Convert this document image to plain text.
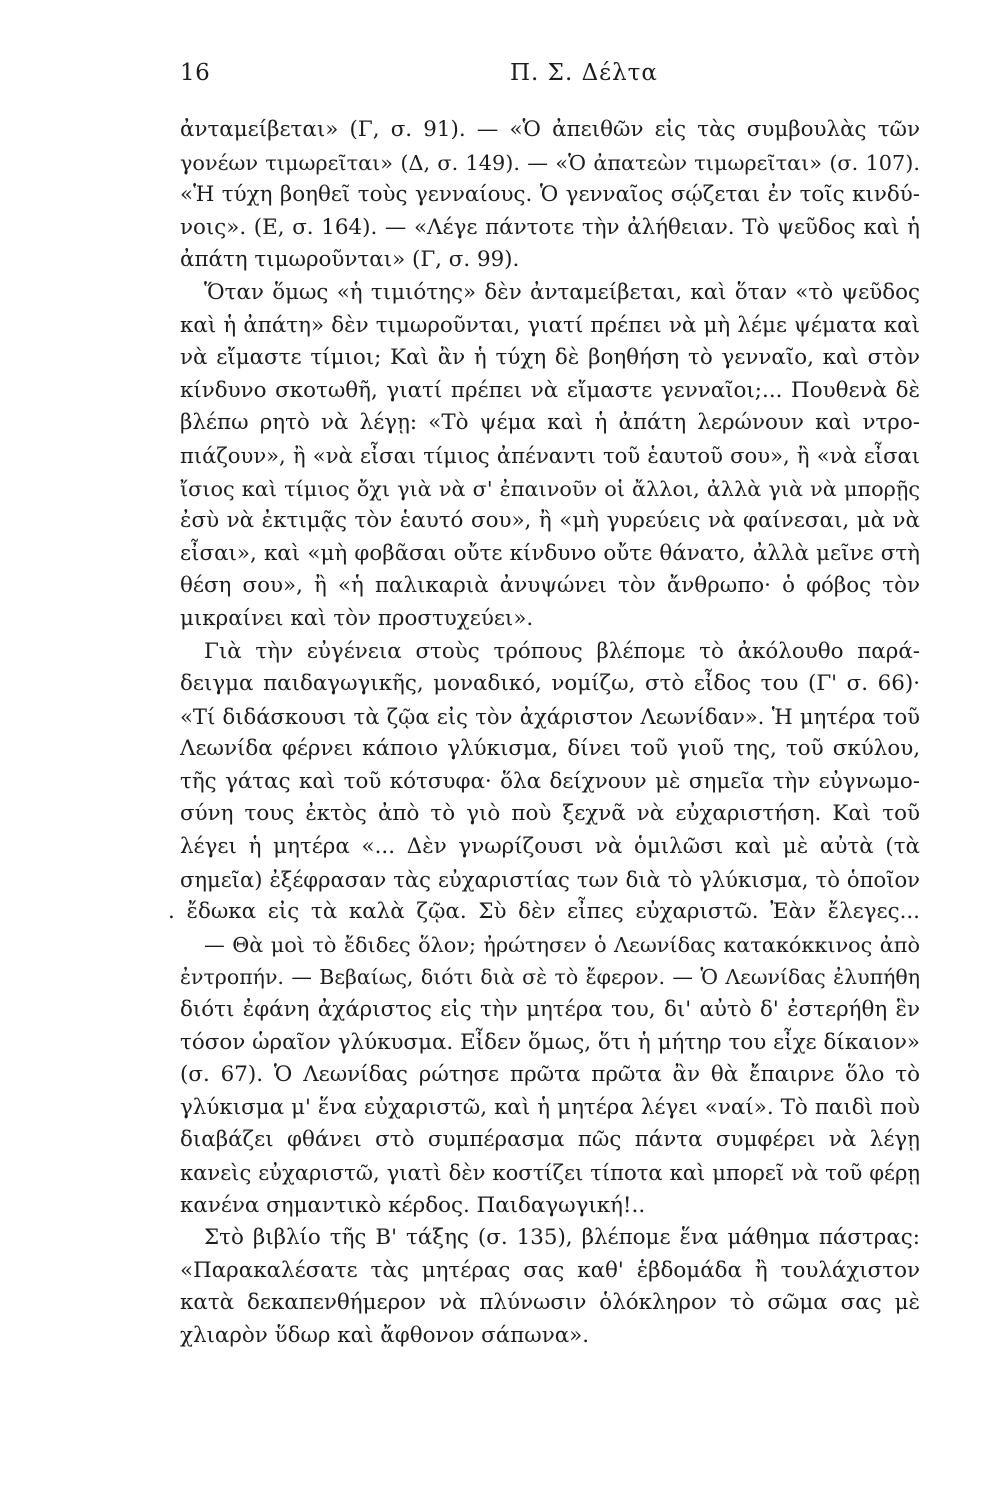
16	Π. Σ. Δέλτα
ἀνταμείβεται» (Γ, σ. 91). — «Ὁ ἀπειθῶν εἰς τὰς συμβουλὰς τῶν
γονέων τιμωρεῖται» (Δ, σ. 149). — «Ὁ ἀπατεὼν τιμωρεῖται» (σ. 107).
«Ἡ τύχη βοηθεῖ τοὺς γενναίους. Ὁ γενναῖος σῴζεται ἐν τοῖς κινδύ-
νοις». (Ε, σ. 164). — «Λέγε πάντοτε τὴν ἀλήθειαν. Τὸ ψεῦδος καὶ ἡ
ἀπάτη τιμωροῦνται» (Γ, σ. 99).
Ὅταν ὅμως «ἡ τιμιότης» δὲν ἀνταμείβεται, καὶ ὅταν «τὸ ψεῦδος
καὶ ἡ ἀπάτη» δὲν τιμωροῦνται, γιατί πρέπει νὰ μὴ λέμε ψέματα καὶ
νὰ εἴμαστε τίμιοι; Καὶ ἂν ἡ τύχη δὲ βοηθήση τὸ γενναῖο, καὶ στὸν
κίνδυνο σκοτωθῆ, γιατί πρέπει νὰ εἴμαστε γενναῖοι;... Πουθενὰ δὲ
βλέπω ρητὸ νὰ λέγῃ: «Τὸ ψέμα καὶ ἡ ἀπάτη λερώνουν καὶ ντρο-
πιάζουν», ἢ «νὰ εἶσαι τίμιος ἀπέναντι τοῦ ἑαυτοῦ σου», ἢ «νὰ εἶσαι
ἴσιος καὶ τίμιος ὄχι γιὰ νὰ σ' ἐπαινοῦν οἱ ἄλλοι, ἀλλὰ γιὰ νὰ μπορῇς
ἐσὺ νὰ ἐκτιμᾷς τὸν ἑαυτό σου», ἢ «μὴ γυρεύεις νὰ φαίνεσαι, μὰ νὰ
εἶσαι», καὶ «μὴ φοβᾶσαι οὔτε κίνδυνο οὔτε θάνατο, ἀλλὰ μεῖνε στὴ
θέση σου», ἢ «ἡ παλικαριὰ ἀνυψώνει τὸν ἄνθρωπο· ὁ φόβος τὸν
μικραίνει καὶ τὸν προστυχεύει».
Γιὰ τὴν εὐγένεια στοὺς τρόπους βλέπομε τὸ ἀκόλουθο παρά-
δειγμα παιδαγωγικῆς, μοναδικό, νομίζω, στὸ εἶδος του (Γ' σ. 66)·
«Τί διδάσκουσι τὰ ζῷα εἰς τὸν ἀχάριστον Λεωνίδαν». Ἡ μητέρα τοῦ
Λεωνίδα φέρνει κάποιο γλύκισμα, δίνει τοῦ γιοῦ της, τοῦ σκύλου,
τῆς γάτας καὶ τοῦ κότσυφα· ὅλα δείχνουν μὲ σημεῖα τὴν εὐγνωμο-
σύνη τους ἐκτὸς ἀπὸ τὸ γιὸ ποὺ ξεχνᾶ νὰ εὐχαριστήση. Καὶ τοῦ
λέγει ἡ μητέρα «... Δὲν γνωρίζουσι νὰ ὁμιλῶσι καὶ μὲ αὐτὰ (τὰ
σημεῖα) ἐξέφρασαν τὰς εὐχαριστίας των διὰ τὸ γλύκισμα, τὸ ὁποῖον
. ἔδωκα εἰς τὰ καλὰ ζῷα. Σὺ δὲν εἶπες εὐχαριστῶ. Ἐὰν ἔλεγες...
— Θὰ μοὶ τὸ ἔδιδες ὅλον; ἠρώτησεν ὁ Λεωνίδας κατακόκκινος ἀπὸ
ἐντροπήν. — Βεβαίως, διότι διὰ σὲ τὸ ἔφερον. — Ὁ Λεωνίδας ἐλυπήθη
διότι ἐφάνη ἀχάριστος εἰς τὴν μητέρα του, δι' αὐτὸ δ' ἐστερήθη ἓν
τόσον ὡραῖον γλύκυσμα. Εἶδεν ὅμως, ὅτι ἡ μήτηρ του εἶχε δίκαιον»
(σ. 67). Ὁ Λεωνίδας ρώτησε πρῶτα πρῶτα ἂν θὰ ἔπαιρνε ὅλο τὸ
γλύκισμα μ' ἕνα εὐχαριστῶ, καὶ ἡ μητέρα λέγει «ναί». Τὸ παιδὶ ποὺ
διαβάζει φθάνει στὸ συμπέρασμα πῶς πάντα συμφέρει νὰ λέγῃ
κανεὶς εὐχαριστῶ, γιατὶ δὲν κοστίζει τίποτα καὶ μπορεῖ νὰ τοῦ φέρῃ
κανένα σημαντικὸ κέρδος. Παιδαγωγική!..
Στὸ βιβλίο τῆς Β' τάξης (σ. 135), βλέπομε ἕνα μάθημα πάστρας:
«Παρακαλέσατε τὰς μητέρας σας καθ' ἑβδομάδα ἢ τουλάχιστον
κατὰ δεκαπενθήμερον νὰ πλύνωσιν ὁλόκληρον τὸ σῶμα σας μὲ
χλιαρὸν ὕδωρ καὶ ἄφθονον σάπωνα».
